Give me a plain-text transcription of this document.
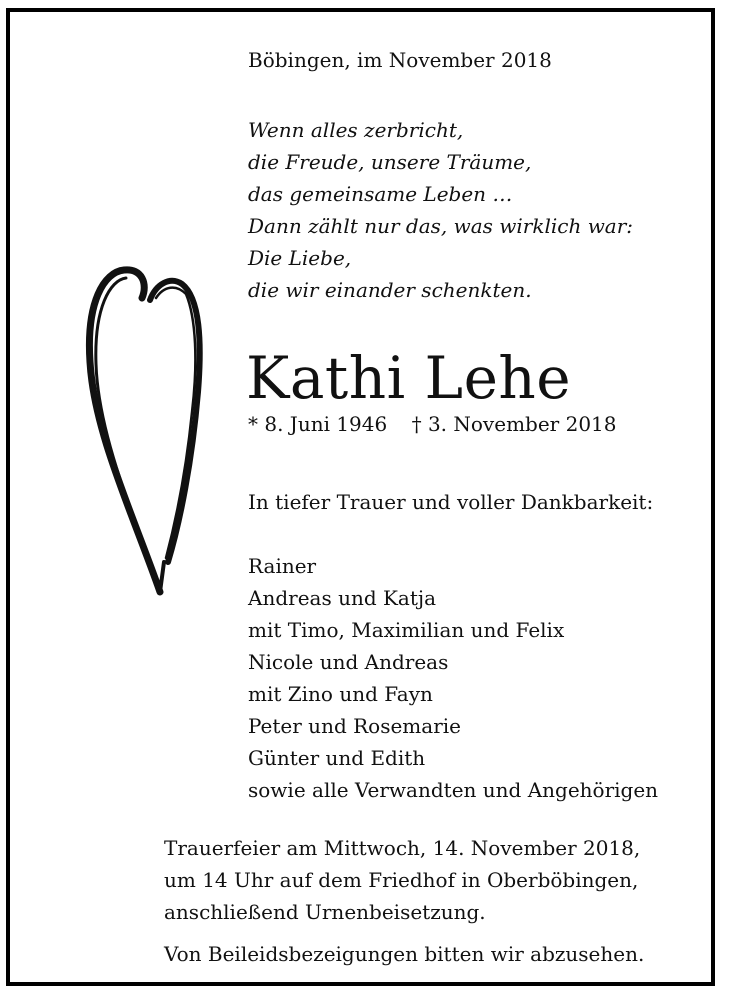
Böbingen, im November 2018
Wenn alles zerbricht,
die Freude, unsere Träume,
das gemeinsame Leben …
Dann zählt nur das, was wirklich war:
Die Liebe,
die wir einander schenkten.
Kathi Lehe
* 8. Juni 1946 † 3. November 2018
In tiefer Trauer und voller Dankbarkeit:
Rainer
Andreas und Katja
mit Timo, Maximilian und Felix
Nicole und Andreas
mit Zino und Fayn
Peter und Rosemarie
Günter und Edith
sowie alle Verwandten und Angehörigen
Trauerfeier am Mittwoch, 14. November 2018,
um 14 Uhr auf dem Friedhof in Oberböbingen,
anschließend Urnenbeisetzung.
Von Beileidsbezeigungen bitten wir abzusehen.
